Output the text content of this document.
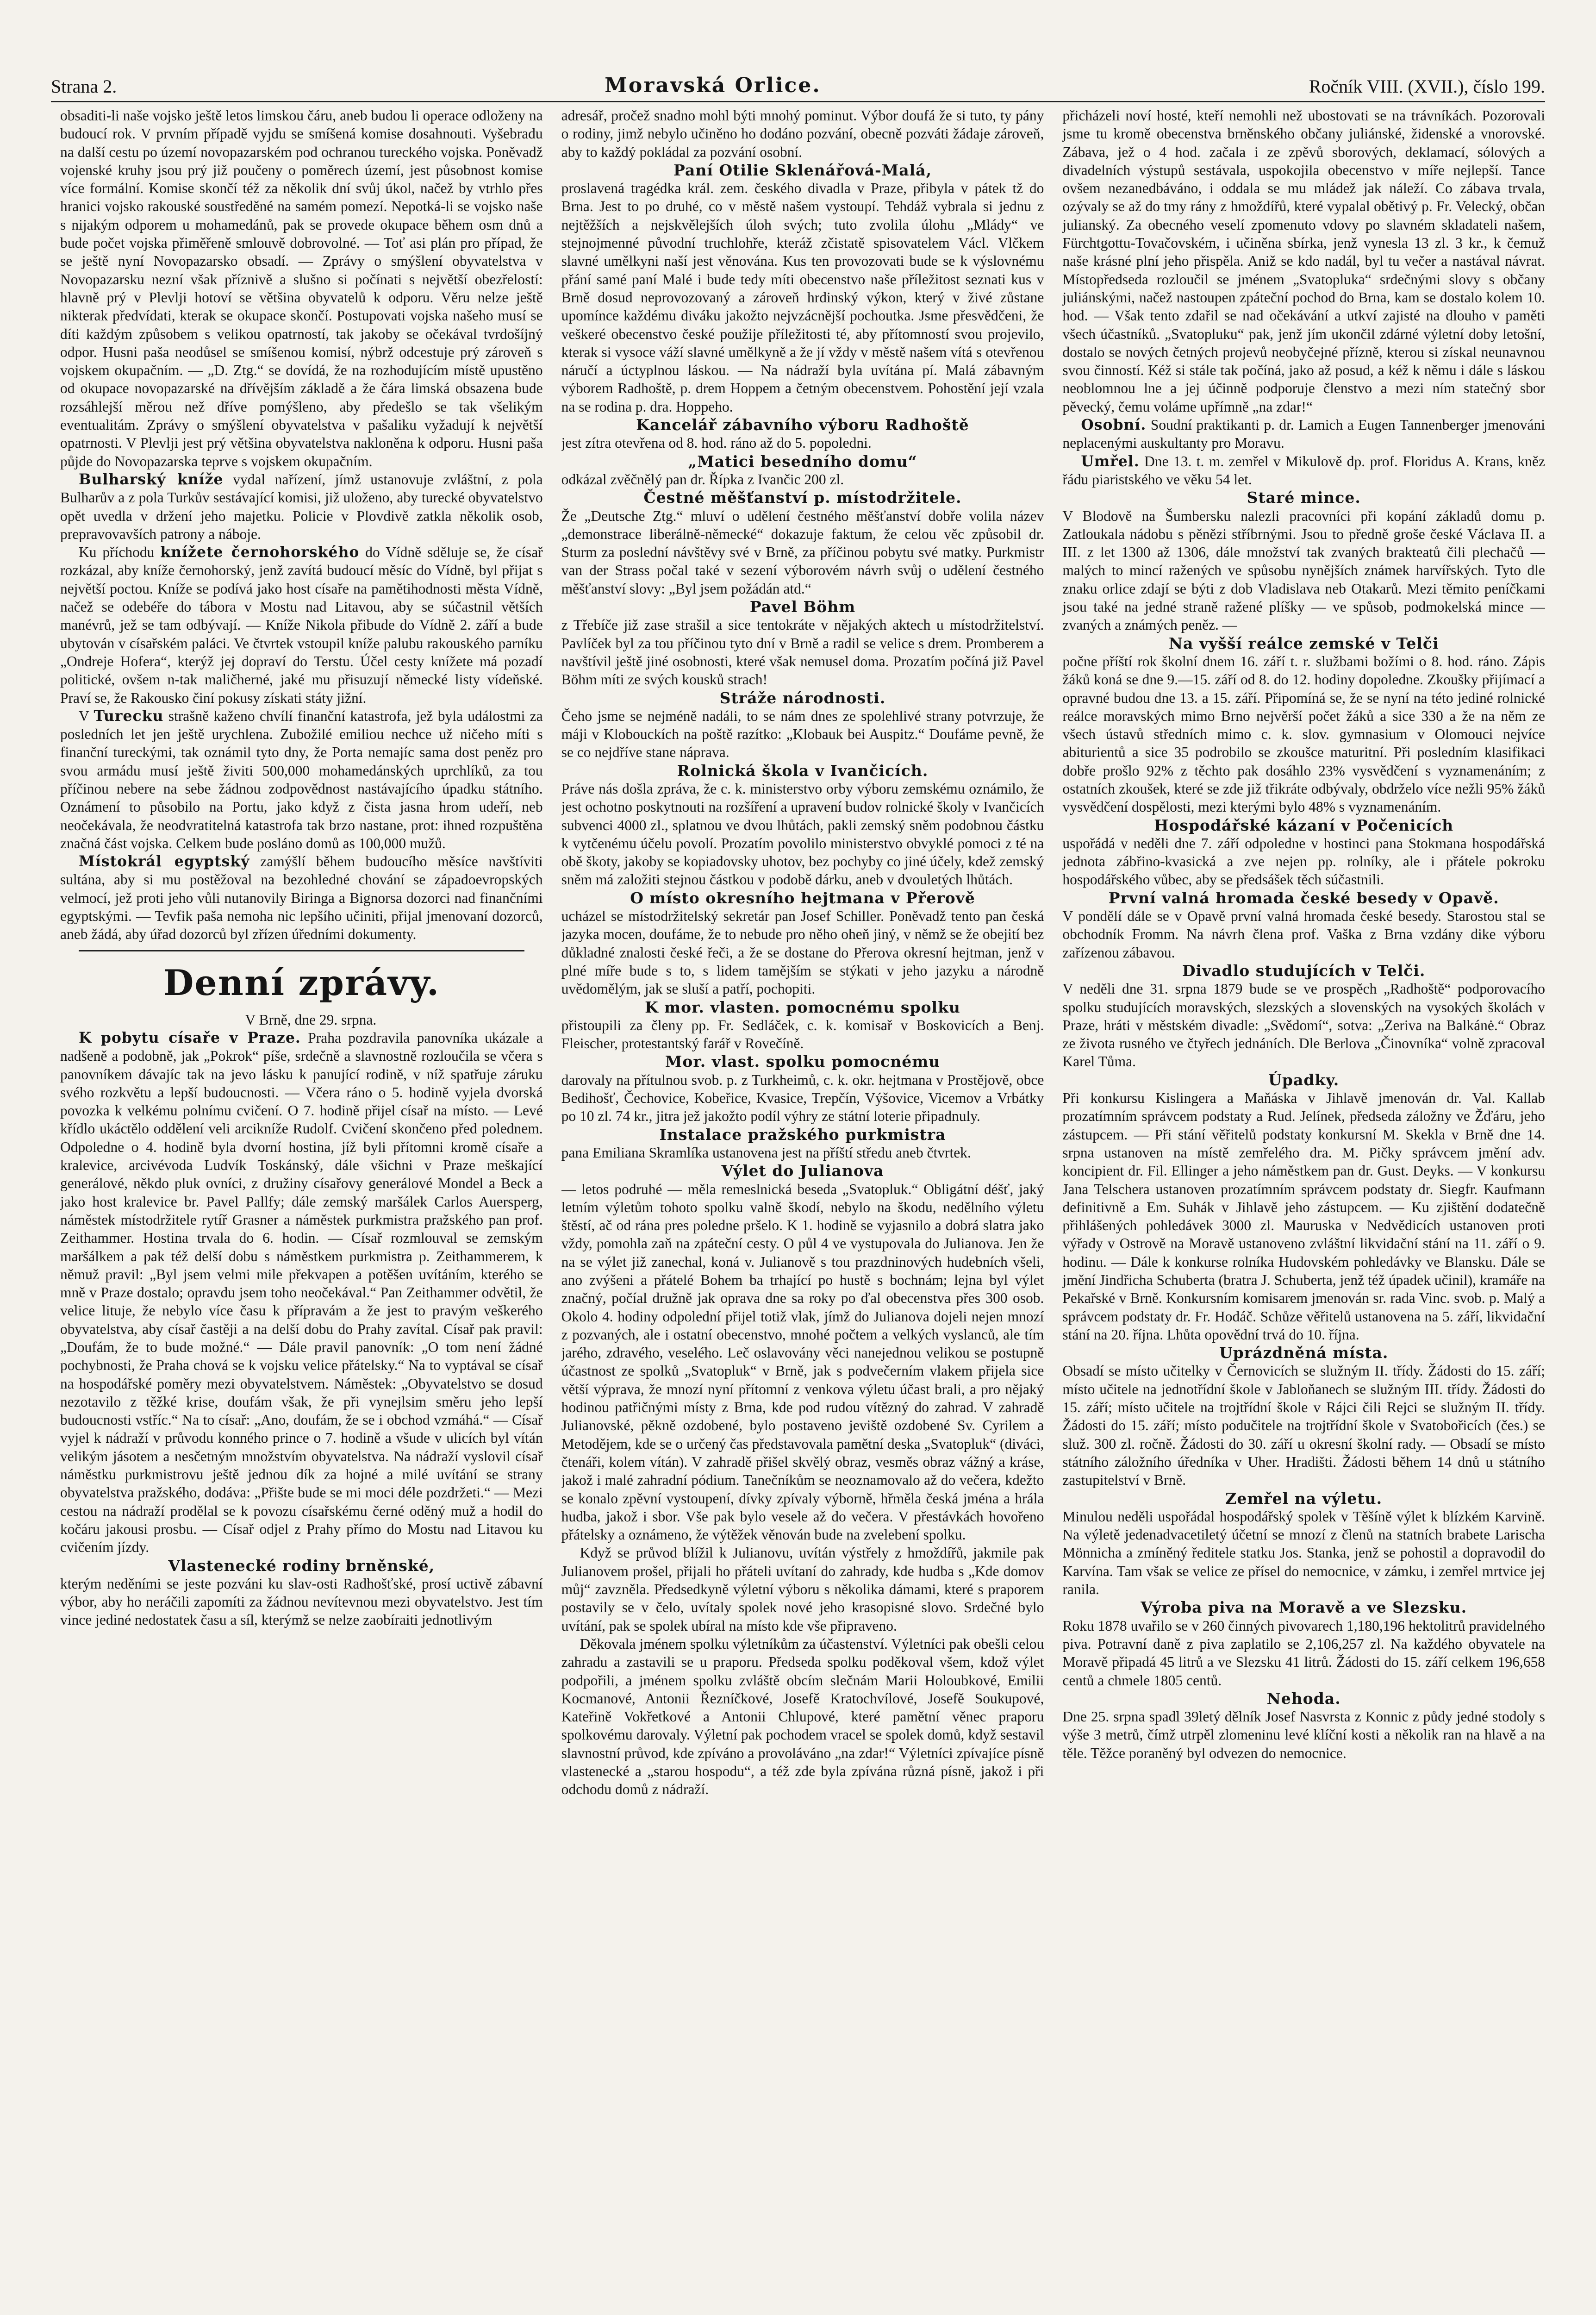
Strana 2.	Moravská Orlice.	Ročník VIII. (XVII.), číslo 199.

obsaditi-li naše vojsko ještě letos limskou čáru, aneb budou li operace odloženy na budoucí rok. V prvním případě vyjdu se smíšená komise dosahnouti. Vyšebradu na další cestu po území novopazarském pod ochranou tureckého vojska. Poněvadž vojenské kruhy jsou prý již poučeny o poměrech území, jest působnost komise více formální. Komise skončí též za několik dní svůj úkol, načež by vtrhlo přes hranici vojsko rakouské soustředěné na samém pomezí. Nepotká-li se vojsko naše s nijakým odporem u mohamedánů, pak se provede okupace během osm dnů a bude počet vojska přiměřeně smlouvě dobrovolné. — Toť asi plán pro případ, že se ještě nyní Novopazarsko obsadí. — Zprávy o smýšlení obyvatelstva v Novopazarsku nezní však příznivě a slušno si počínati s největší obezřelostí: hlavně prý v Plevlji hotoví se většina obyvatelů k odporu. Věru nelze ještě nikterak předvídati, kterak se okupace skončí. Postupovati vojska našeho musí se díti každým způsobem s velikou opatrností, tak jakoby se očekával tvrdošíjný odpor. Husni paša neodůsel se smíšenou komisí, nýbrž odcestuje prý zároveň s vojskem okupačním. — „D. Ztg.“ se dovídá, že na rozhodujícím místě upustěno od okupace novopazarské na dřívějším základě a že čára limská obsazena bude rozsáhlejší měrou než dříve pomýšleno, aby předešlo se tak všelikým eventualitám. Zprávy o smýšlení obyvatelstva v pašaliku vyžadují k největší opatrnosti. V Plevlji jest prý většina obyvatelstva nakloněna k odporu. Husni paša půjde do Novopazarska teprve s vojskem okupačním.

Bulharský kníže vydal nařízení, jímž ustanovuje zvláštní, z pola Bulharův a z pola Turkův sestávající komisi, již uloženo, aby turecké obyvatelstvo opět uvedla v držení jeho majetku. Policie v Plovdivě zatkla několik osob, prepravovavších patrony a náboje.

Ku příchodu knížete černohorského do Vídně sděluje se, že císař rozkázal, aby kníže černohorský, jenž zavítá budoucí měsíc do Vídně, byl přijat s největší poctou. Kníže se podívá jako host císaře na pamětihodnosti města Vídně, načež se odebéře do tábora v Mostu nad Litavou, aby se súčastnil větších manévrů, jež se tam odbývají. — Kníže Nikola přibude do Vídně 2. září a bude ubytován v císařském paláci. Ve čtvrtek vstoupil kníže palubu rakouského parníku „Ondreje Hofera“, kterýž jej dopraví do Terstu. Účel cesty knížete má pozadí politické, ovšem n-tak maličherné, jaké mu přisuzují německé listy vídeňské. Praví se, že Rakousko činí pokusy získati státy jižní.

V Turecku strašně kaženo chvílí finanční katastrofa, jež byla událostmi za posledních let jen ještě urychlena. Zubožilé emiliou nechce už ničeho míti s finanční tureckými, tak oznámil tyto dny, že Porta nemajíc sama dost peněz pro svou armádu musí ještě živiti 500,000 mohamedánských uprchlíků, za tou příčinou nebere na sebe žádnou zodpovědnost nastávajícího úpadku státního. Oznámení to působilo na Portu, jako když z čista jasna hrom udeří, neb neočekávala, že neodvratitelná katastrofa tak brzo nastane, prot: ihned rozpuštěna značná část vojska. Celkem bude posláno domů as 100,000 mužů.

Místokrál egyptský zamýšlí během budoucího měsíce navštíviti sultána, aby si mu postěžoval na bezohledné chování se západoevropských velmocí, jež proti jeho vůli nutanovily Biringa a Bignorsa dozorci nad finančními egyptskými. — Tevfik paša nemoha nic lepšího učiniti, přijal jmenovaní dozorců, aneb žádá, aby úřad dozorců byl zřízen úředními dokumenty.

Denní zprávy.

V Brně, dne 29. srpna.

K pobytu císaře v Praze. Praha pozdravila panovníka ukázale a nadšeně a podobně, jak „Pokrok“ píše, srdečně a slavnostně rozloučila se včera s panovníkem dávajíc tak na jevo lásku k panující rodině, v níž spatřuje záruku svého rozkvětu a lepší budoucnosti. — Včera ráno o 5. hodině vyjela dvorská povozka k velkému polnímu cvičení. O 7. hodině přijel císař na místo. — Levé křídlo ukáctělo oddělení veli arcikníže Rudolf. Cvičení skončeno před polednem. Odpoledne o 4. hodině byla dvorní hostina, jíž byli přítomni kromě císaře a kralevice, arcivévoda Ludvík Toskánský, dále všichni v Praze meškající generálové, někdo pluk ovníci, z družiny císařovy generálové Mondel a Beck a jako host kralevice br. Pavel Pallfy; dále zemský maršálek Carlos Auersperg, náměstek místodržitele rytíř Grasner a náměstek purkmistra pražského pan prof. Zeithammer. Hostina trvala do 6. hodin. — Císař rozmlouval se zemským maršálkem a pak též delší dobu s náměstkem purkmistra p. Zeithammerem, k němuž pravil: „Byl jsem velmi mile překvapen a potěšen uvítáním, kterého se mně v Praze dostalo; opravdu jsem toho neočekával.“ Pan Zeithammer odvětil, že velice lituje, že nebylo více času k přípravám a že jest to pravým veškerého obyvatelstva, aby císař častěji a na delší dobu do Prahy zavítal. Císař pak pravil: „Doufám, že to bude možné.“ — Dále pravil panovník: „O tom není žádné pochybnosti, že Praha chová se k vojsku velice přátelsky.“ Na to vyptával se císař na hospodářské poměry mezi obyvatelstvem. Náměstek: „Obyvatelstvo se dosud nezotavilo z těžké krise, doufám však, že při vynejlsim směru jeho lepší budoucnosti vstříc.“ Na to císař: „Ano, doufám, že se i obchod vzmáhá.“ — Císař vyjel k nádraží v průvodu konného prince o 7. hodině a všude v ulicích byl vítán velikým jásotem a nesčetným množstvím obyvatelstva. Na nádraží vyslovil císař náměstku purkmistrovu ještě jednou dík za hojné a milé uvítání se strany obyvatelstva pražského, dodáva: „Přište bude se mi moci déle pozdržeti.“ — Mezi cestou na nádraží prodělal se k povozu císařskému černé oděný muž a hodil do kočáru jakousi prosbu. — Císař odjel z Prahy přímo do Mostu nad Litavou ku cvičením jízdy.

Vlastenecké rodiny brněnské,

kterým neděními se jeste pozváni ku slav-osti Radhošťské, prosí uctivě zábavní výbor, aby ho neráčili zapomíti za žádnou nevítevnou mezi obyvatelstvo. Jest tím vince jediné nedostatek času a síl, kterýmž se nelze zaobíraiti jednotlivým

adresář, pročež snadno mohl býti mnohý pominut. Výbor doufá že si tuto, ty pány o rodiny, jimž nebylo učiněno ho dodáno pozvání, obecně pozváti žádaje zároveň, aby to každý pokládal za pozvání osobní.

Paní Otilie Sklenářová-Malá,

proslavená tragédka král. zem. českého divadla v Praze, přibyla v pátek tž do Brna. Jest to po druhé, co v městě našem vystoupí. Tehdáž vybrala si jednu z nejtěžších a nejskvělejších úloh svých; tuto zvolila úlohu „Mlády“ ve stejnojmenné původní truchlohře, kteráž zčistatě spisovatelem Václ. Vlčkem slavné umělkyni naší jest věnována. Kus ten provozovati bude se k výslovnému přání samé paní Malé i bude tedy míti obecenstvo naše příležitost seznati kus v Brně dosud neprovozovaný a zároveň hrdinský výkon, který v živé zůstane upomínce každému diváku jakožto nejvzácnější pochoutka. Jsme přesvědčeni, že veškeré obecenstvo české použije příležitosti té, aby přítomností svou projevilo, kterak si vysoce váží slavné umělkyně a že jí vždy v městě našem vítá s otevřenou náručí a úctyplnou láskou. — Na nádraží byla uvítána pí. Malá zábavným výborem Radhoště, p. drem Hoppem a četným obecenstvem. Pohostění její vzala na se rodina p. dra. Hoppeho.

Kancelář zábavního výboru Radhoště

jest zítra otevřena od 8. hod. ráno až do 5. popoledni.

„Matici besedního domu“

odkázal zvěčnělý pan dr. Řípka z Ivančic 200 zl.

Čestné měšťanství p. místodržitele.

Že „Deutsche Ztg.“ mluví o udělení čestného měšťanství dobře volila název „demonstrace liberálně-německé“ dokazuje faktum, že celou věc způsobil dr. Sturm za poslední návštěvy své v Brně, za příčinou pobytu své matky. Purkmistr van der Strass počal také v sezení výborovém návrh svůj o udělení čestného měšťanství slovy: „Byl jsem požádán atd.“

Pavel Böhm

z Třebíče již zase strašil a sice tentokráte v nějakých aktech u místodržitelství. Pavlíček byl za tou příčinou tyto dní v Brně a radil se velice s drem. Promberem a navštívil ještě jiné osobnosti, které však nemusel doma. Prozatím počíná již Pavel Böhm míti ze svých kousků strach!

Stráže národnosti.

Čeho jsme se nejméně nadáli, to se nám dnes ze spolehlivé strany potvrzuje, že máji v Klobouckích na poště razítko: „Klobauk bei Auspitz.“ Doufáme pevně, že se co nejdříve stane náprava.

Rolnická škola v Ivančicích.

Práve nás došla zpráva, že c. k. ministerstvo orby výboru zemskému oznámilo, že jest ochotno poskytnouti na rozšíření a upravení budov rolnické školy v Ivančicích subvenci 4000 zl., splatnou ve dvou lhůtách, pakli zemský sněm podobnou částku k vytčenému účelu povolí. Prozatím povolilo ministerstvo obvyklé pomoci z té na obě škoty, jakoby se kopiadovsky uhotov, bez pochyby co jiné účely, kdež zemský sněm má založiti stejnou částkou v podobě dárku, aneb v dvouletých lhůtách.

O místo okresního hejtmana v Přerově

ucházel se místodržitelský sekretár pan Josef Schiller. Poněvadž tento pan česká jazyka mocen, doufáme, že to nebude pro něho oheň jiný, v němž se že obejití bez důkladné znalosti české řeči, a že se dostane do Přerova okresní hejtman, jenž v plné míře bude s to, s lidem tamějším se stýkati v jeho jazyku a národně uvědomělým, jak se sluší a patří, pochopiti.

K mor. vlasten. pomocnému spolku

přistoupili za členy pp. Fr. Sedláček, c. k. komisař v Boskovicích a Benj. Fleischer, protestantský farář v Rovečíně.

Mor. vlast. spolku pomocnému

darovaly na přítulnou svob. p. z Turkheimů, c. k. okr. hejtmana v Prostějově, obce Bedihošť, Čechovice, Kobeřice, Kvasice, Trepčín, Výšovice, Vicemov a Vrbátky po 10 zl. 74 kr., jitra jež jakožto podíl výhry ze státní loterie připadnuly.

Instalace pražského purkmistra

pana Emiliana Skramlíka ustanovena jest na příští středu aneb čtvrtek.

Výlet do Julianova

— letos podruhé — měla remeslnická beseda „Svatopluk.“ Obligátní déšť, jaký letním výletům tohoto spolku valně škodí, nebylo na škodu, nedělního výletu štěstí, ač od rána pres poledne pršelo. K 1. hodině se vyjasnilo a dobrá slatra jako vždy, pomohla zaň na zpáteční cesty. O půl 4 ve vystupovala do Julianova. Jen že na se výlet již zanechal, koná v. Julianově s tou prazdninových hudebních všeli, ano zvýšeni a přátelé Bohem ba trhající po hustě s bochnám; lejna byl výlet značný, počíal družně jak oprava dne sa roky po ďal obecenstva přes 300 osob. Okolo 4. hodiny odpolední přijel totiž vlak, jímž do Julianova dojeli nejen mnozí z pozvaných, ale i ostatní obecenstvo, mnohé počtem a velkých vyslanců, ale tím jarého, zdravého, veselého. Leč oslavovány věci nanejednou velikou se postupně účastnost ze spolků „Svatopluk“ v Brně, jak s podvečerním vlakem přijela sice větší výprava, že mnozí nyní přítomní z venkova výletu účast brali, a pro nějaký hodinou patřičnými místy z Brna, kde pod rudou vítězný do zahrad. V zahradě Julianovské, pěkně ozdobené, bylo postaveno jeviště ozdobené Sv. Cyrilem a Metodějem, kde se o určený čas představovala pamětní deska „Svatopluk“ (diváci, čtenáři, kolem vítán). V zahradě přišel skvělý obraz, vesměs obraz vážný a kráse, jakož i malé zahradní pódium. Tanečníkům se neoznamovalo až do večera, kdežto se konalo zpěvní vystoupení, dívky zpívaly výborně, hřměla česká jména a hrála hudba, jakož i sbor. Vše pak bylo vesele až do večera. V přestávkách hovořeno přátelsky a oznámeno, že výtěžek věnován bude na zvelebení spolku.

Když se průvod blížil k Julianovu, uvítán výstřely z hmoždířů, jakmile pak Julianovem prošel, přijali ho přáteli uvítaní do zahrady, kde hudba s „Kde domov můj“ zavzněla. Předsedkyně výletní výboru s několika dámami, které s praporem postavily se v čelo, uvítaly spolek nové jeho krasopisné slovo. Srdečné bylo uvítání, pak se spolek ubíral na místo kde vše připraveno.

Děkovala jménem spolku výletníkům za účastenství. Výletníci pak obešli celou zahradu a zastavili se u praporu. Předseda spolku poděkoval všem, kdož výlet podpořili, a jménem spolku zvláště obcím slečnám Marii Holoubkové, Emilii Kocmanové, Antonii Řezníčkové, Josefě Kratochvílové, Josefě Soukupové, Kateřině Vokřetkové a Antonii Chlupové, které pamětní věnec praporu spolkovému darovaly. Výletní pak pochodem vracel se spolek domů, když sestavil slavnostní průvod, kde zpíváno a provoláváno „na zdar!“ Výletníci zpívajíce písně vlastenecké a „starou hospodu“, a též zde byla zpívána různá písně, jakož i při odchodu domů z nádraží.

přicházeli noví hosté, kteří nemohli než ubostovati se na trávníkách. Pozorovali jsme tu kromě obecenstva brněnského občany juliánské, židenské a vnorovské. Zábava, jež o 4 hod. začala i ze zpěvů sborových, deklamací, sólových a divadelních výstupů sestávala, uspokojila obecenstvo v míře nejlepší. Tance ovšem nezanedbáváno, i oddala se mu mládež jak náleží. Co zábava trvala, ozývaly se až do tmy rány z hmoždířů, které vypalal obětivý p. Fr. Velecký, občan julianský. Za obecného veselí zpomenuto vdovy po slavném skladateli našem, Fürchtgottu-Tovačovském, i učiněna sbírka, jenž vynesla 13 zl. 3 kr., k čemuž naše krásné plní jeho přispěla. Aniž se kdo nadál, byl tu večer a nastával návrat. Místopředseda rozloučil se jménem „Svatopluka“ srdečnými slovy s občany juliánskými, načež nastoupen zpáteční pochod do Brna, kam se dostalo kolem 10. hod. — Však tento zdařil se nad očekávání a utkví zajisté na dlouho v paměti všech účastníků. „Svatopluku“ pak, jenž jím ukončil zdárné výletní doby letošní, dostalo se nových četných projevů neobyčejné přízně, kterou si získal neunavnou svou činností. Kéž si stále tak počíná, jako až posud, a kéž k němu i dále s láskou neoblomnou lne a jej účinně podporuje členstvo a mezi ním statečný sbor pěvecký, čemu voláme upřímně „na zdar!“

Osobní. Soudní praktikanti p. dr. Lamich a Eugen Tannenberger jmenováni neplacenými auskultanty pro Moravu.

Umřel. Dne 13. t. m. zemřel v Mikulově dp. prof. Floridus A. Krans, kněz řádu piaristského ve věku 54 let.

Staré mince.

V Blodově na Šumbersku nalezli pracovníci při kopání základů domu p. Zatloukala nádobu s pěnězi stříbrnými. Jsou to předně groše české Václava II. a III. z let 1300 až 1306, dále množství tak zvaných brakteatů čili plechačů — malých to mincí ražených ve spůsobu nynějších známek harvířských. Tyto dle znaku orlice zdají se býti z dob Vladislava neb Otakarů. Mezi těmito peníčkami jsou také na jedné straně ražené plíšky — ve spůsob, podmokelská mince — zvaných a známých peněz. —

Na vyšší reálce zemské v Telči

počne příští rok školní dnem 16. září t. r. službami božími o 8. hod. ráno. Zápis žáků koná se dne 9.—15. září od 8. do 12. hodiny dopoledne. Zkoušky přijímací a opravné budou dne 13. a 15. září. Připomíná se, že se nyní na této jediné rolnické reálce moravských mimo Brno nejvěrší počet žáků a sice 330 a že na něm ze všech ústavů středních mimo c. k. slov. gymnasium v Olomouci nejvíce abiturientů a sice 35 podrobilo se zkoušce maturitní. Při posledním klasifikaci dobře prošlo 92% z těchto pak dosáhlo 23% vysvědčení s vyznamenáním; z ostatních zkoušek, které se zde již třikráte odbývaly, obdrželo více nežli 95% žáků vysvědčení dospělosti, mezi kterými bylo 48% s vyznamenáním.

Hospodářské kázaní v Počenicích

uspořádá v neděli dne 7. září odpoledne v hostinci pana Stokmana hospodářská jednota zábřino-kvasická a zve nejen pp. rolníky, ale i přátele pokroku hospodářského vůbec, aby se předsášek těch súčastnili.

První valná hromada české besedy v Opavě.

V pondělí dále se v Opavě první valná hromada české besedy. Starostou stal se obchodník Fromm. Na návrh člena prof. Vaška z Brna vzdány dike výboru zařízenou zábavou.

Divadlo studujících v Telči.

V neděli dne 31. srpna 1879 bude se ve prospěch „Radhoště“ podporovacího spolku studujících moravských, slezských a slovenských na vysokých školách v Praze, hráti v městském divadle: „Svědomí“, sotva: „Zeriva na Balkánė.“ Obraz ze života rusného ve čtyřech jednáních. Dle Berlova „Činovníka“ volně zpracoval Karel Tůma.

Úpadky.

Při konkursu Kislingera a Maňáska v Jihlavě jmenován dr. Val. Kallab prozatímním správcem podstaty a Rud. Jelínek, předseda záložny ve Žďáru, jeho zástupcem. — Při stání věřitelů podstaty konkursní M. Skekla v Brně dne 14. srpna ustanoven na místě zemřelého dra. M. Pičky správcem jmění adv. koncipient dr. Fil. Ellinger a jeho náměstkem pan dr. Gust. Deyks. — V konkursu Jana Telschera ustanoven prozatímním správcem podstaty dr. Siegfr. Kaufmann definitivně a Em. Suhák v Jihlavě jeho zástupcem. — Ku zjištění dodatečně přihlášených pohledávek 3000 zl. Mauruska v Nedvědicích ustanoven proti výřady v Ostrově na Moravě ustanoveno zvláštní likvidační stání na 11. září o 9. hodinu. — Dále k konkurse rolníka Hudovském pohledávky ve Blansku. Dále se jmění Jindřicha Schuberta (bratra J. Schuberta, jenž též úpadek učinil), kramáře na Pekařské v Brně. Konkursním komisarem jmenován sr. rada Vinc. svob. p. Malý a správcem podstaty dr. Fr. Hodáč. Schůze věřitelů ustanovena na 5. září, likvidační stání na 20. října. Lhůta opovědní trvá do 10. října.

Uprázdněná místa.

Obsadí se místo učitelky v Černovicích se služným II. třídy. Žádosti do 15. září; místo učitele na jednotřídní škole v Jabloňanech se služným III. třídy. Žádosti do 15. září; místo učitele na trojtřídní škole v Rájci čili Rejci se služným II. třídy. Žádosti do 15. září; místo podučitele na trojtřídní škole v Svatobořicích (čes.) se služ. 300 zl. ročně. Žádosti do 30. září u okresní školní rady. — Obsadí se místo státního záložního úředníka v Uher. Hradišti. Žádosti během 14 dnů u státního zastupitelství v Brně.

Zemřel na výletu.

Minulou neděli uspořádal hospodářský spolek v Těšíně výlet k blízkém Karvině. Na výletě jedenadvacetiletý účetní se mnozí z členů na statních brabete Larischa Mönnicha a zmíněný ředitele statku Jos. Stanka, jenž se pohostil a dopravodil do Karvína. Tam však se velice ze přísel do nemocnice, v zámku, i zemřel mrtvice jej ranila.

Výroba piva na Moravě a ve Slezsku.

Roku 1878 uvařilo se v 260 činných pivovarech 1,180,196 hektolitrů pravidelného piva. Potravní daně z piva zaplatilo se 2,106,257 zl. Na každého obyvatele na Moravě připadá 45 litrů a ve Slezsku 41 litrů. Žádosti do 15. září celkem 196,658 centů a chmele 1805 centů.

Nehoda.

Dne 25. srpna spadl 39letý dělník Josef Nasvrsta z Konnic z půdy jedné stodoly s výše 3 metrů, čímž utrpěl zlomeninu levé klíční kosti a několik ran na hlavě a na těle. Těžce poraněný byl odvezen do nemocnice.
